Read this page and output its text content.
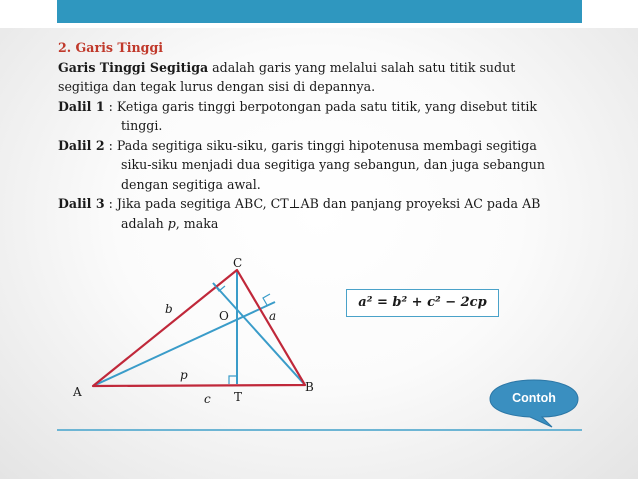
2. Garis Tinggi
Garis Tinggi Segitiga adalah garis yang melalui salah satu titik sudut
segitiga dan tegak lurus dengan sisi di depannya.
Dalil 1 : Ketiga garis tinggi berpotongan pada satu titik, yang disebut titik
tinggi.
Dalil 2 : Pada segitiga siku-siku, garis tinggi hipotenusa membagi segitiga
siku-siku menjadi dua segitiga yang sebangun, dan juga sebangun
dengan segitiga awal.
Dalil 3 : Jika pada segitiga ABC, CT⊥AB dan panjang proyeksi AC pada AB
adalah p, maka
C
A	B
O
T
a
b
c
p
a² = b² + c² − 2cp
Contoh
